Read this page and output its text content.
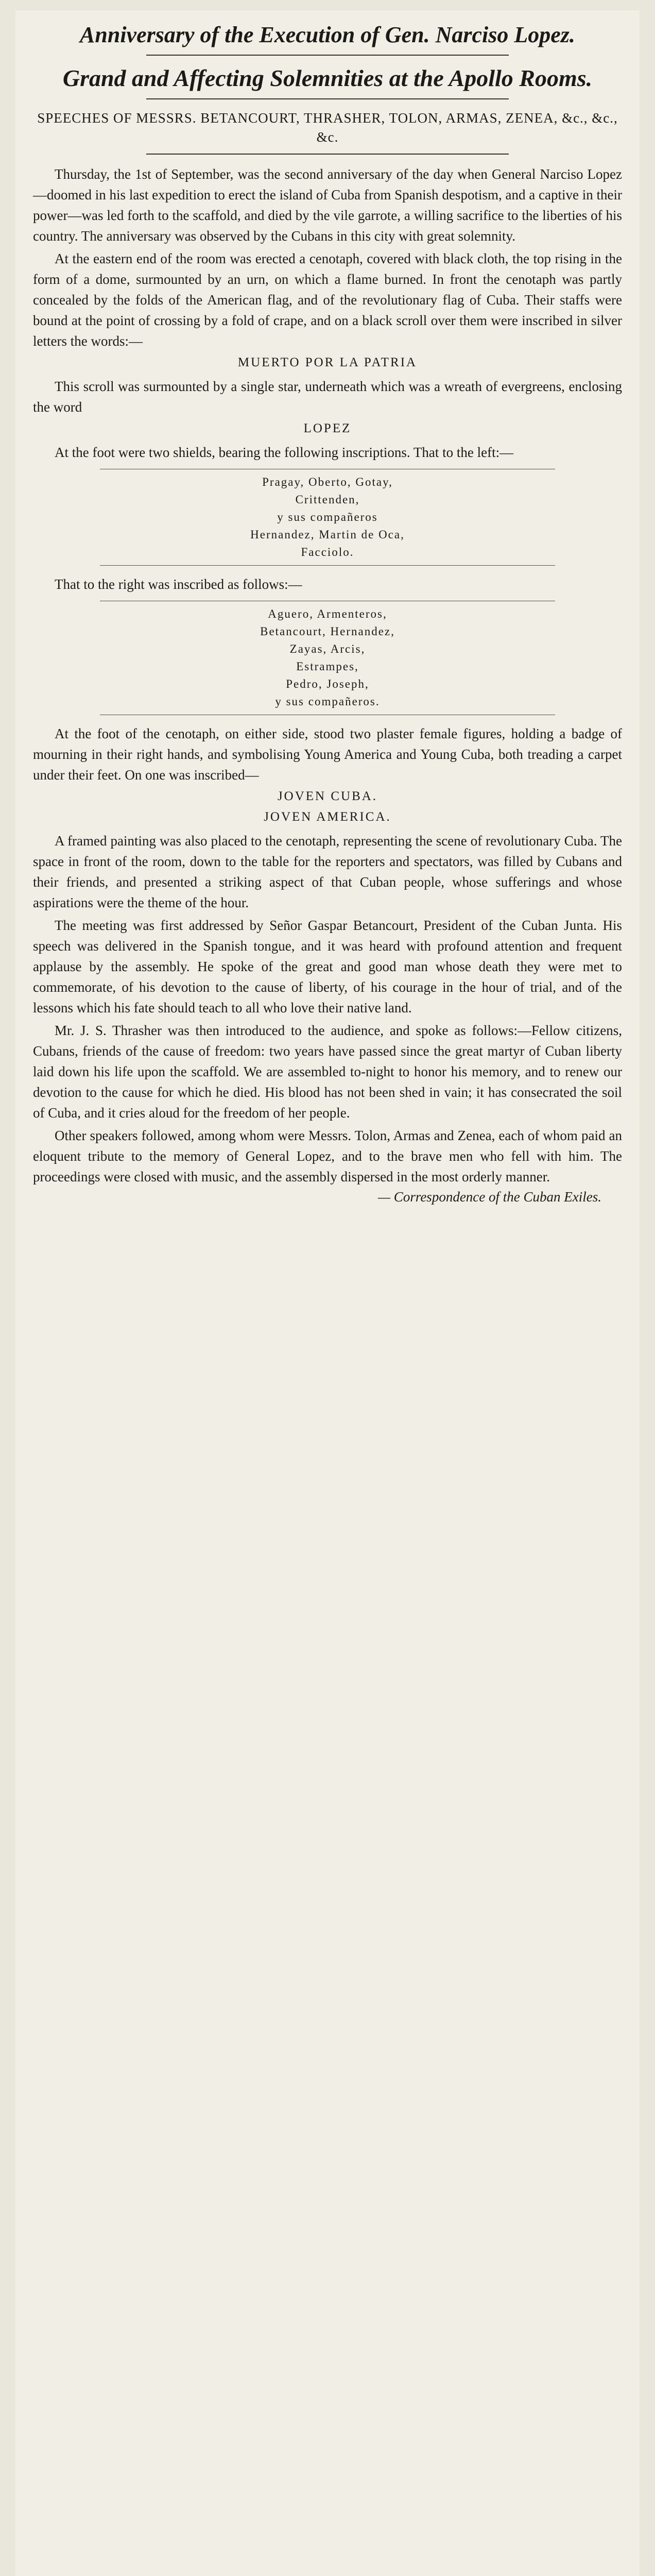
Anniversary of the Execution of Gen. Narciso Lopez.
Grand and Affecting Solemnities at the Apollo Rooms.
SPEECHES OF MESSRS. BETANCOURT, THRASHER, TOLON, ARMAS, ZENEA, &c., &c., &c.

Thursday, the 1st of September, was the second anniversary of the day when General Narciso Lopez—doomed in his last expedition to erect the island of Cuba from Spanish despotism, and a captive in their power—was led forth to the scaffold, and died by the vile garrote, a willing sacrifice to the liberties of his country. The anniversary was observed by the Cubans in this city with great solemnity.

At the eastern end of the room was erected a cenotaph, covered with black cloth, the top rising in the form of a dome, surmounted by an urn, on which a flame burned. In front the cenotaph was partly concealed by the folds of the American flag, and of the revolutionary flag of Cuba. Their staffs were bound at the point of crossing by a fold of crape, and on a black scroll over them were inscribed in silver letters the words:—

MUERTO POR LA PATRIA

This scroll was surmounted by a single star, underneath which was a wreath of evergreens, enclosing the word

LOPEZ

At the foot were two shields, bearing the following inscriptions. That to the left:—

Pragay, Oberto, Gotay,
Crittenden,
y sus compañeros
Hernandez, Martin de Oca,
Facciolo.

That to the right was inscribed as follows:—

Aguero, Armenteros,
Betancourt, Hernandez,
Zayas, Arcis,
Estrampes,
Pedro, Joseph,
y sus compañeros.

At the foot of the cenotaph, on either side, stood two plaster female figures, holding a badge of mourning in their right hands, and symbolising Young America and Young Cuba, both treading a carpet under their feet. On one was inscribed—

JOVEN CUBA.
JOVEN AMERICA.

A framed painting was also placed to the cenotaph, representing the scene of revolutionary Cuba. The space in front of the room, down to the table for the reporters and spectators, was filled by Cubans and their friends, and presented a striking aspect of that Cuban people, whose sufferings and whose aspirations were the theme of the hour.

The meeting was first addressed by Señor Gaspar Betancourt, President of the Cuban Junta. His speech was delivered in the Spanish tongue, and it was heard with profound attention and frequent applause by the assembly. He spoke of the great and good man whose death they were met to commemorate, of his devotion to the cause of liberty, of his courage in the hour of trial, and of the lessons which his fate should teach to all who love their native land.

Mr. J. S. Thrasher was then introduced to the audience, and spoke as follows:—Fellow citizens, Cubans, friends of the cause of freedom: two years have passed since the great martyr of Cuban liberty laid down his life upon the scaffold. We are assembled to-night to honor his memory, and to renew our devotion to the cause for which he died. His blood has not been shed in vain; it has consecrated the soil of Cuba, and it cries aloud for the freedom of her people.

Other speakers followed, among whom were Messrs. Tolon, Armas and Zenea, each of whom paid an eloquent tribute to the memory of General Lopez, and to the brave men who fell with him. The proceedings were closed with music, and the assembly dispersed in the most orderly manner.

— Correspondence of the Cuban Exiles.
